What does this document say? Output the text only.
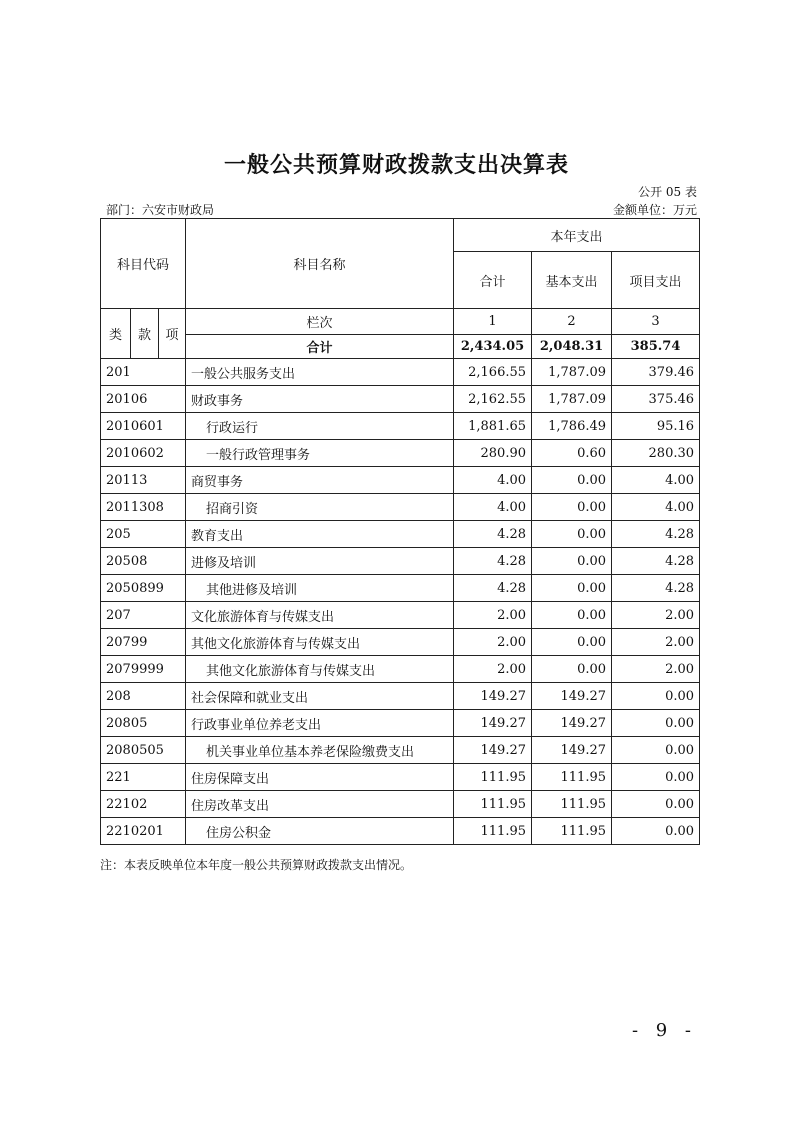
一般公共预算财政拨款支出决算表
公开 05 表
部门：六安市财政局	金额单位：万元
科目代码			科目名称	本年支出		
				合计	基本支出	项目支出
类	款	项	栏次	1	2	3
			合计	2,434.05	2,048.31	385.74
201			一般公共服务支出	2,166.55	1,787.09	379.46
20106			财政事务	2,162.55	1,787.09	375.46
2010601			行政运行	1,881.65	1,786.49	95.16
2010602			一般行政管理事务	280.90	0.60	280.30
20113			商贸事务	4.00	0.00	4.00
2011308			招商引资	4.00	0.00	4.00
205			教育支出	4.28	0.00	4.28
20508			进修及培训	4.28	0.00	4.28
2050899			其他进修及培训	4.28	0.00	4.28
207			文化旅游体育与传媒支出	2.00	0.00	2.00
20799			其他文化旅游体育与传媒支出	2.00	0.00	2.00
2079999			其他文化旅游体育与传媒支出	2.00	0.00	2.00
208			社会保障和就业支出	149.27	149.27	0.00
20805			行政事业单位养老支出	149.27	149.27	0.00
2080505			机关事业单位基本养老保险缴费支出	149.27	149.27	0.00
221			住房保障支出	111.95	111.95	0.00
22102			住房改革支出	111.95	111.95	0.00
2210201			住房公积金	111.95	111.95	0.00
注：本表反映单位本年度一般公共预算财政拨款支出情况。
- 9 -
